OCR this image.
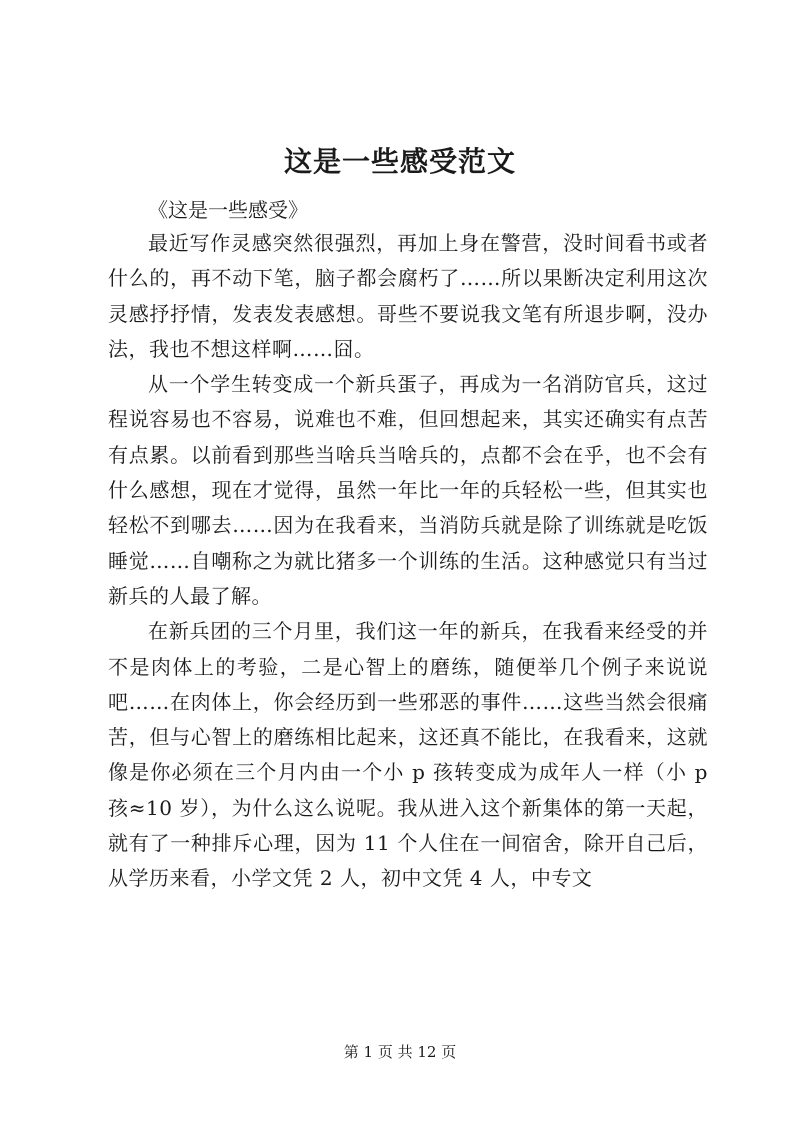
这是一些感受范文
《这是一些感受》

最近写作灵感突然很强烈，再加上身在警营，没时间看书或者什么的，再不动下笔，脑子都会腐朽了……所以果断决定利用这次灵感抒抒情，发表发表感想。哥些不要说我文笔有所退步啊，没办法，我也不想这样啊……囧。

从一个学生转变成一个新兵蛋子，再成为一名消防官兵，这过程说容易也不容易，说难也不难，但回想起来，其实还确实有点苦有点累。以前看到那些当啥兵当啥兵的，点都不会在乎，也不会有什么感想，现在才觉得，虽然一年比一年的兵轻松一些，但其实也轻松不到哪去……因为在我看来，当消防兵就是除了训练就是吃饭睡觉……自嘲称之为就比猪多一个训练的生活。这种感觉只有当过新兵的人最了解。

在新兵团的三个月里，我们这一年的新兵，在我看来经受的并不是肉体上的考验，二是心智上的磨练，随便举几个例子来说说吧……在肉体上，你会经历到一些邪恶的事件……这些当然会很痛苦，但与心智上的磨练相比起来，这还真不能比，在我看来，这就像是你必须在三个月内由一个小 p 孩转变成为成年人一样（小 p 孩≈10 岁），为什么这么说呢。我从进入这个新集体的第一天起，就有了一种排斥心理，因为 11 个人住在一间宿舍，除开自己后，从学历来看，小学文凭 2 人，初中文凭 4 人，中专文

第 1 页 共 12 页
